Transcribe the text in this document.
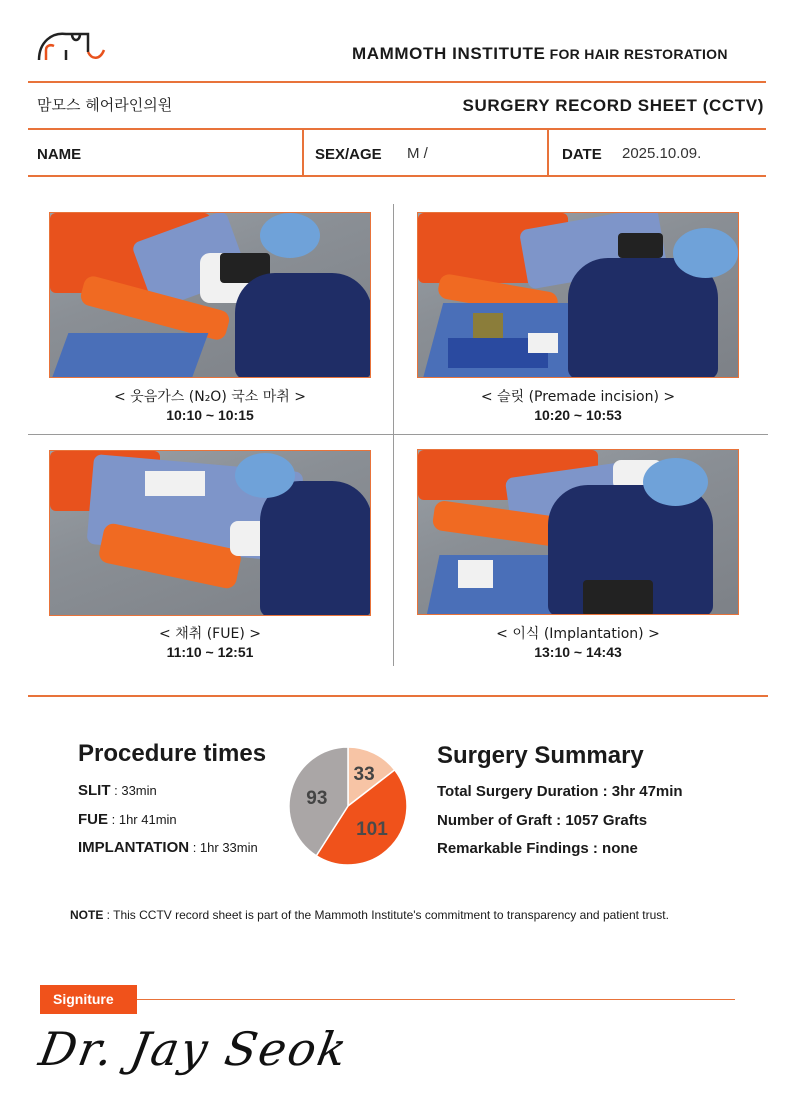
MAMMOTH INSTITUTE FOR HAIR RESTORATION
맘모스 헤어라인의원	SURGERY RECORD SHEET (CCTV)
NAME	SEX/AGE M /	DATE 2025.10.09.
< 웃음가스 (N₂O) 국소 마취 >
10:10 ~ 10:15
< 슬릿 (Premade incision) >
10:20 ~ 10:53
< 채취 (FUE) >
11:10 ~ 12:51
< 이식 (Implantation) >
13:10 ~ 14:43
Procedure times
SLIT : 33min
FUE : 1hr 41min
IMPLANTATION : 1hr 33min
33
101
93
Surgery Summary
Total Surgery Duration : 3hr 47min
Number of Graft : 1057 Grafts
Remarkable Findings : none
NOTE : This CCTV record sheet is part of the Mammoth Institute's commitment to transparency and patient trust.
Signiture
Dr. Jay Seok
